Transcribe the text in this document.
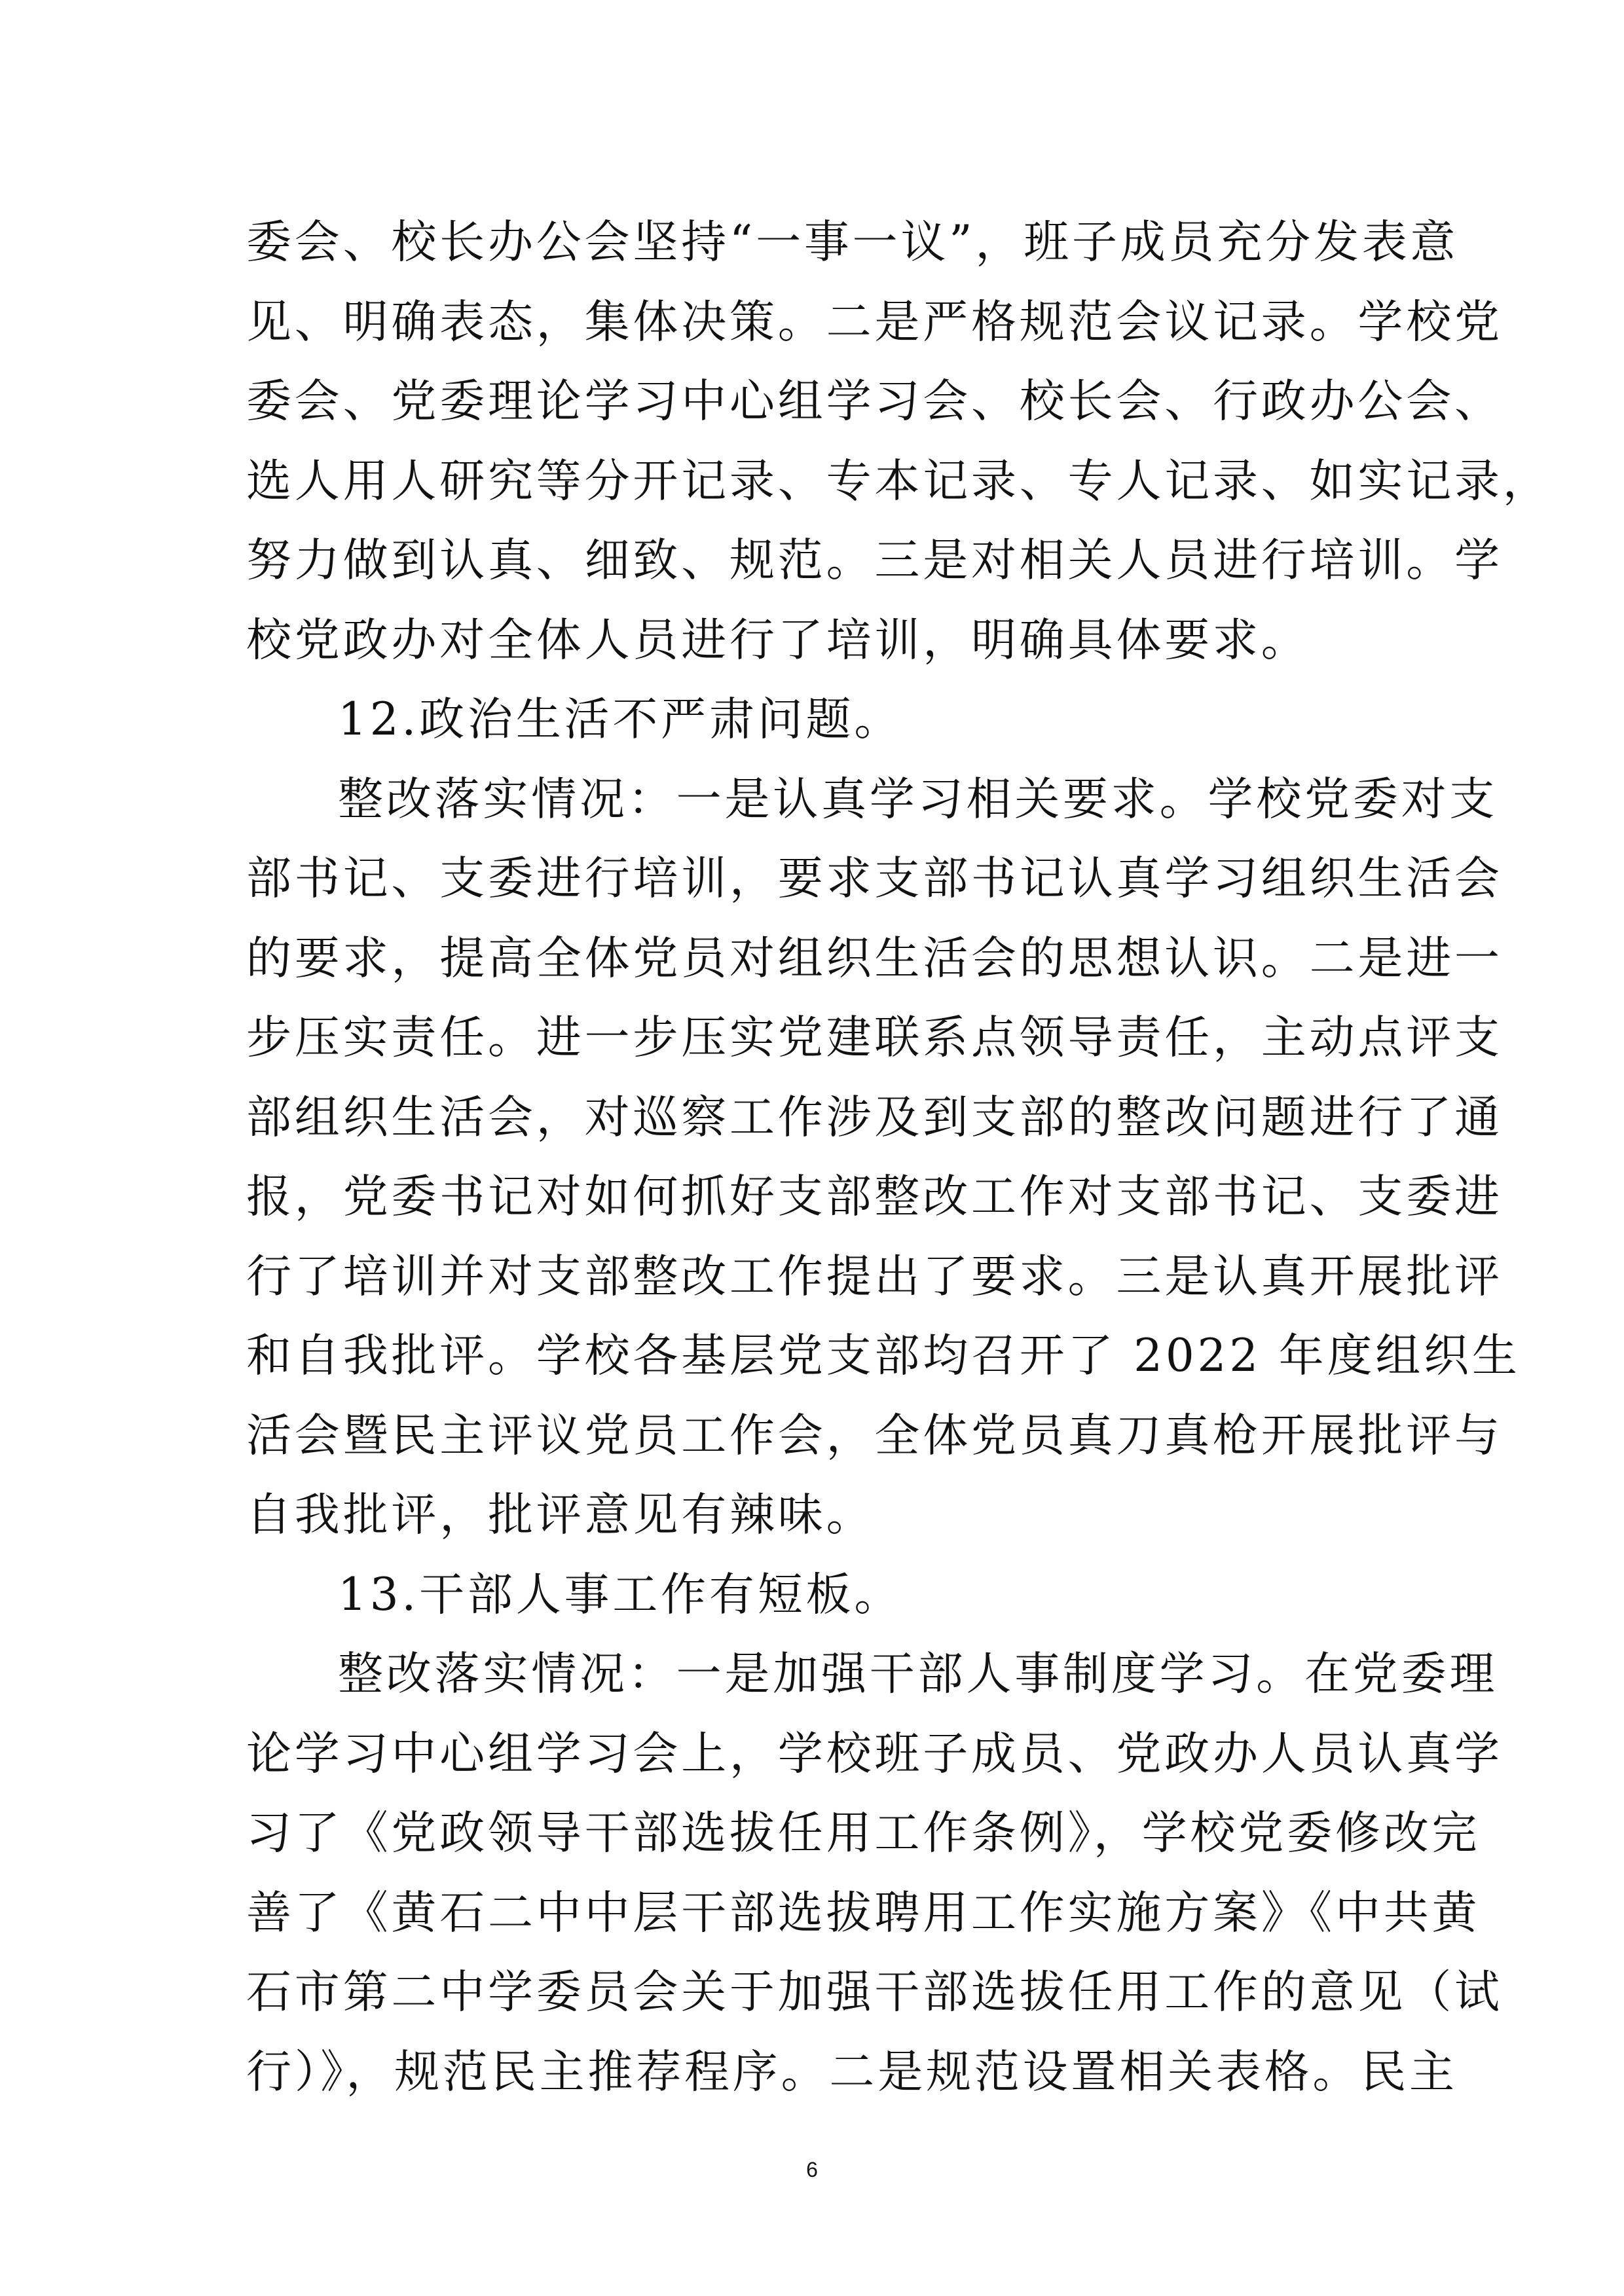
委会、校长办公会坚持“一事一议”，班子成员充分发表意
见、明确表态，集体决策。二是严格规范会议记录。学校党
委会、党委理论学习中心组学习会、校长会、行政办公会、
选人用人研究等分开记录、专本记录、专人记录、如实记录，
努力做到认真、细致、规范。三是对相关人员进行培训。学
校党政办对全体人员进行了培训，明确具体要求。
12.政治生活不严肃问题。
整改落实情况：一是认真学习相关要求。学校党委对支
部书记、支委进行培训，要求支部书记认真学习组织生活会
的要求，提高全体党员对组织生活会的思想认识。二是进一
步压实责任。进一步压实党建联系点领导责任，主动点评支
部组织生活会，对巡察工作涉及到支部的整改问题进行了通
报，党委书记对如何抓好支部整改工作对支部书记、支委进
行了培训并对支部整改工作提出了要求。三是认真开展批评
和自我批评。学校各基层党支部均召开了 2022 年度组织生
活会暨民主评议党员工作会，全体党员真刀真枪开展批评与
自我批评，批评意见有辣味。
13.干部人事工作有短板。
整改落实情况：一是加强干部人事制度学习。在党委理
论学习中心组学习会上，学校班子成员、党政办人员认真学
习了《党政领导干部选拔任用工作条例》，学校党委修改完
善了《黄石二中中层干部选拔聘用工作实施方案》《中共黄
石市第二中学委员会关于加强干部选拔任用工作的意见（试
行）》，规范民主推荐程序。二是规范设置相关表格。民主
6
